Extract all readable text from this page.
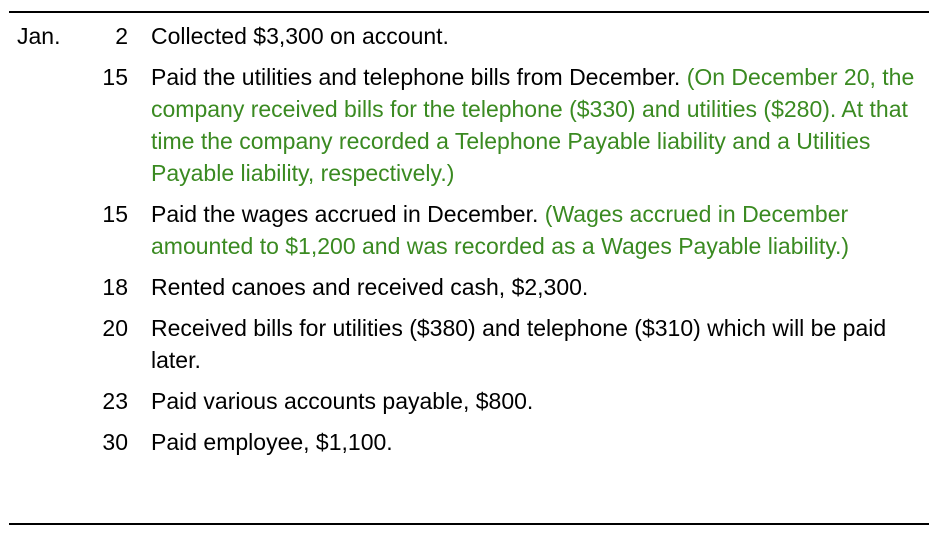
Jan.	2 Collected $3,300 on account.
15 Paid the utilities and telephone bills from December. (On December 20, the company received bills for the telephone ($330) and utilities ($280). At that time the company recorded a Telephone Payable liability and a Utilities Payable liability, respectively.)
15 Paid the wages accrued in December. (Wages accrued in December amounted to $1,200 and was recorded as a Wages Payable liability.)
18 Rented canoes and received cash, $2,300.
20 Received bills for utilities ($380) and telephone ($310) which will be paid later.
23 Paid various accounts payable, $800.
30 Paid employee, $1,100.
